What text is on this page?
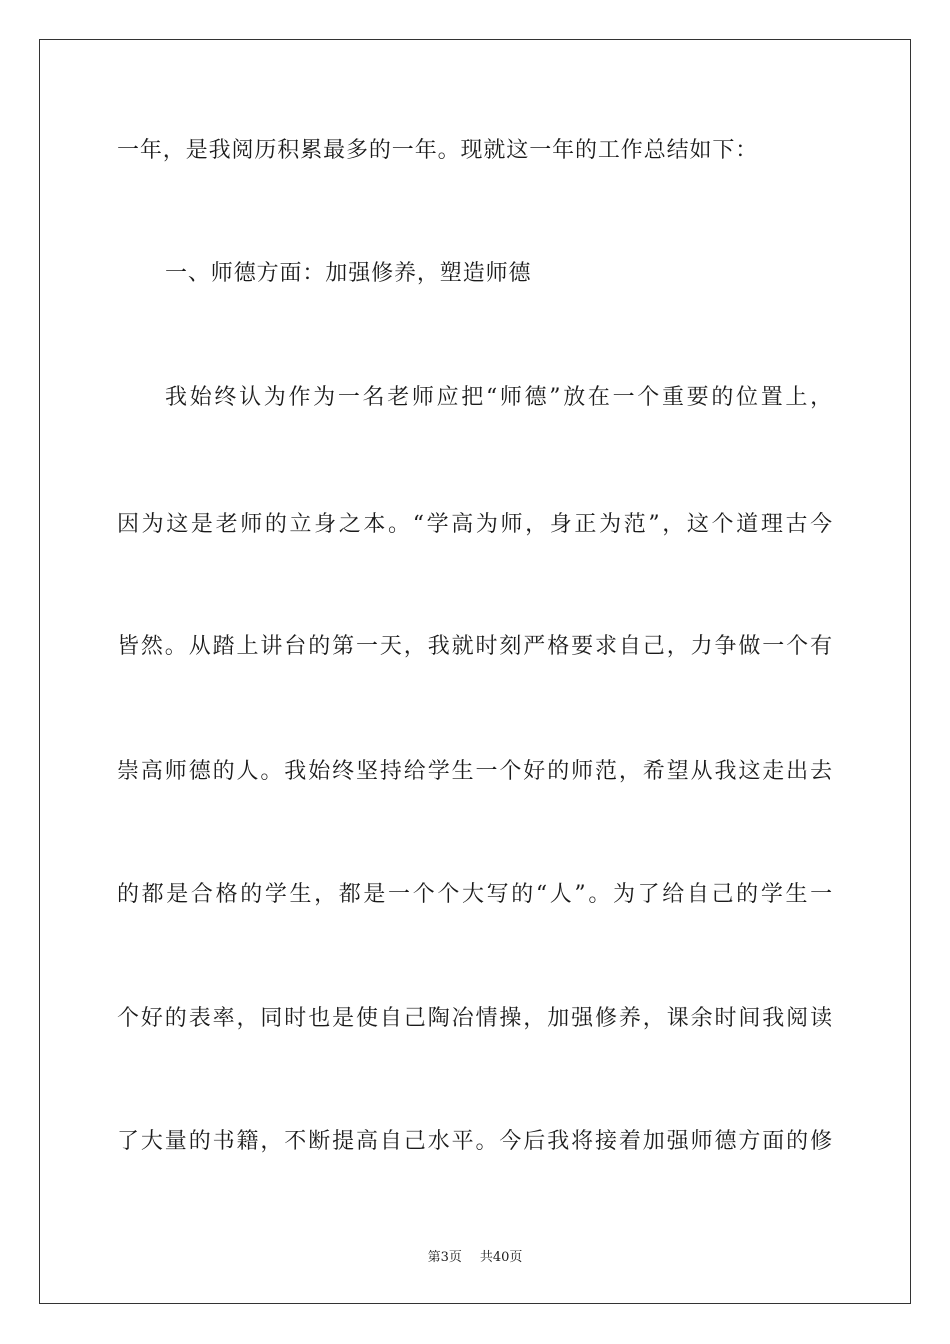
一年，是我阅历积累最多的一年。现就这一年的工作总结如下：
一、师德方面：加强修养，塑造师德
我始终认为作为一名老师应把“师德”放在一个重要的位置上，
因为这是老师的立身之本。“学高为师，身正为范”，这个道理古今
皆然。从踏上讲台的第一天，我就时刻严格要求自己，力争做一个有
崇高师德的人。我始终坚持给学生一个好的师范，希望从我这走出去
的都是合格的学生，都是一个个大写的“人”。为了给自己的学生一
个好的表率，同时也是使自己陶冶情操，加强修养，课余时间我阅读
了大量的书籍，不断提高自己水平。今后我将接着加强师德方面的修
第3页 共40页
